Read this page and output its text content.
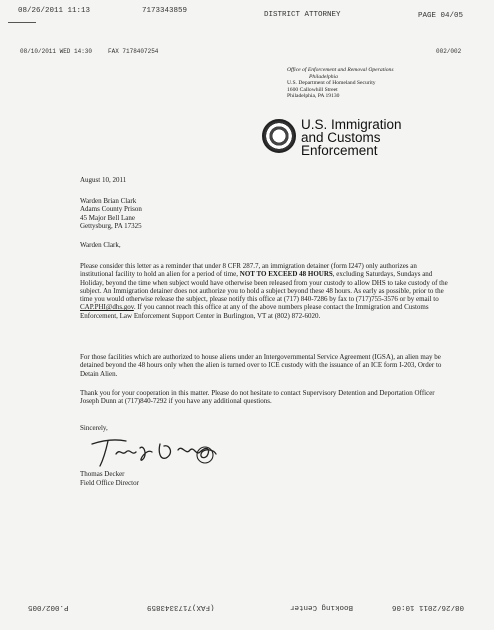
08/26/2011 11:13	7173343859	DISTRICT ATTORNEY	PAGE 04/05
08/10/2011 WED 14:30	FAX 7178407254	002/002
Office of Enforcement and Removal Operations
Philadelphia
U.S. Department of Homeland Security
1600 Callowhill Street
Philadelphia, PA 19130
U.S. Immigration
and Customs
Enforcement
August 10, 2011
Warden Brian Clark
Adams County Prison
45 Major Bell Lane
Gettysburg, PA 17325
Warden Clark,
Please consider this letter as a reminder that under 8 CFR 287.7, an immigration detainer (form I247) only authorizes an institutional facility to hold an alien for a period of time, NOT TO EXCEED 48 HOURS, excluding Saturdays, Sundays and Holiday, beyond the time when subject would have otherwise been released from your custody to allow DHS to take custody of the subject. An Immigration detainer does not authorize you to hold a subject beyond these 48 hours. As early as possible, prior to the time you would otherwise release the subject, please notify this office at (717) 840-7286 by fax to (717)755-3576 or by email to CAP.PHI@dhs.gov. If you cannot reach this office at any of the above numbers please contact the Immigration and Customs Enforcement, Law Enforcement Support Center in Burlington, VT at (802) 872-6020.
For those facilities which are authorized to house aliens under an Intergovernmental Service Agreement (IGSA), an alien may be detained beyond the 48 hours only when the alien is turned over to ICE custody with the issuance of an ICE form I-203, Order to Detain Alien.
Thank you for your cooperation in this matter. Please do not hesitate to contact Supervisory Detention and Deportation Officer Joseph Dunn at (717)840-7292 if you have any additional questions.
Sincerely,
Thomas Decker
Field Office Director
P.002/005	(FAX)7173343859	Booking Center	08/26/2011 10:06
